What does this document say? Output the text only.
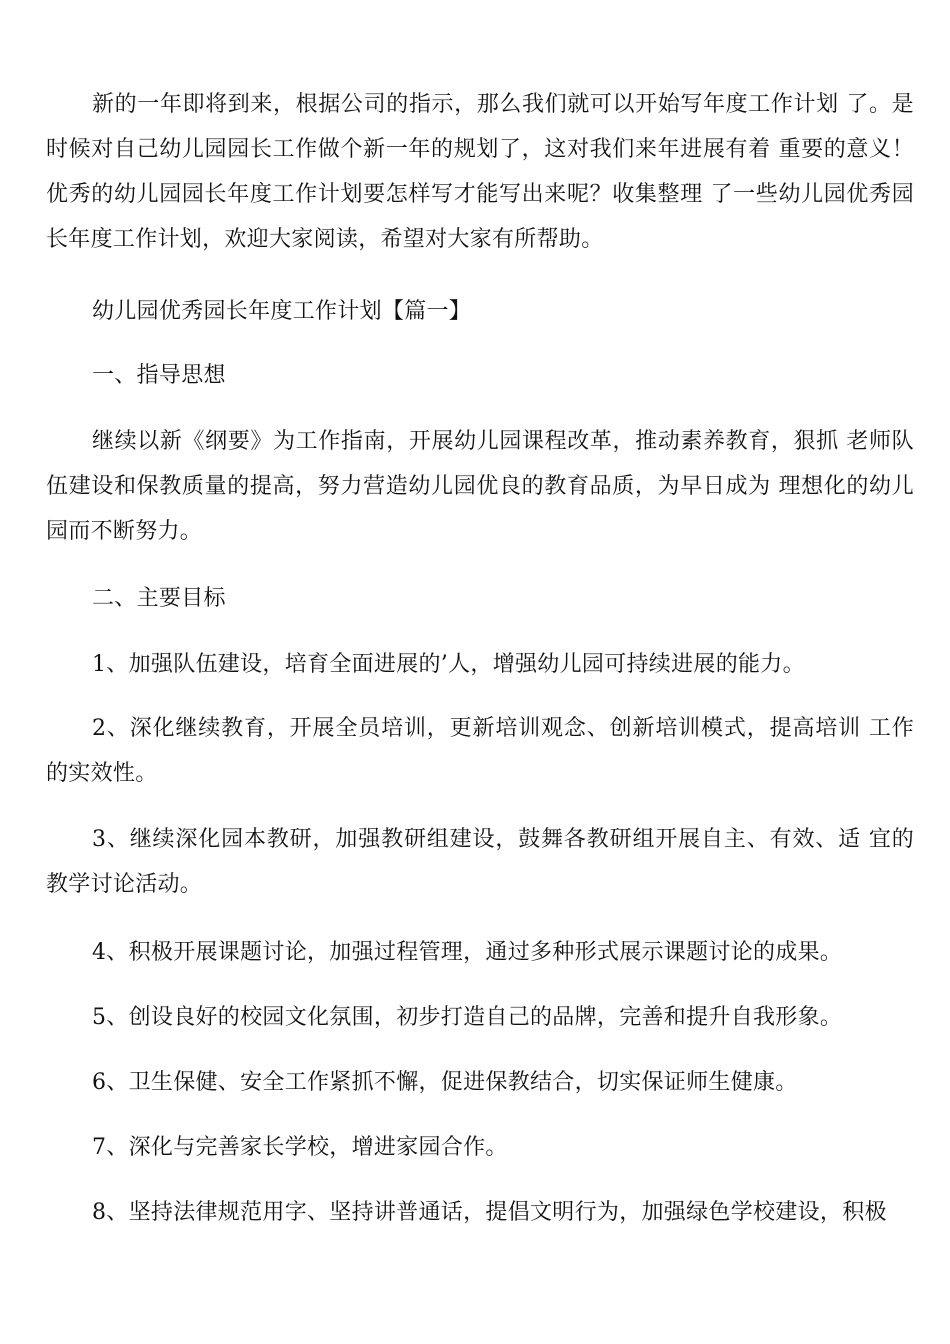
新的一年即将到来，根据公司的指示，那么我们就可以开始写年度工作计划 了。是时候对自己幼儿园园长工作做个新一年的规划了，这对我们来年进展有着 重要的意义！优秀的幼儿园园长年度工作计划要怎样写才能写出来呢？收集整理 了一些幼儿园优秀园长年度工作计划，欢迎大家阅读，希望对大家有所帮助。

幼儿园优秀园长年度工作计划【篇一】

一、指导思想

继续以新《纲要》为工作指南，开展幼儿园课程改革，推动素养教育，狠抓 老师队伍建设和保教质量的提高，努力营造幼儿园优良的教育品质，为早日成为 理想化的幼儿园而不断努力。

二、主要目标

1、加强队伍建设，培育全面进展的’人，增强幼儿园可持续进展的能力。

2、深化继续教育，开展全员培训，更新培训观念、创新培训模式，提高培训 工作的实效性。

3、继续深化园本教研，加强教研组建设，鼓舞各教研组开展自主、有效、适 宜的教学讨论活动。

4、积极开展课题讨论，加强过程管理，通过多种形式展示课题讨论的成果。

5、创设良好的校园文化氛围，初步打造自己的品牌，完善和提升自我形象。

6、卫生保健、安全工作紧抓不懈，促进保教结合，切实保证师生健康。

7、深化与完善家长学校，增进家园合作。

8、坚持法律规范用字、坚持讲普通话，提倡文明行为，加强绿色学校建设，积极
